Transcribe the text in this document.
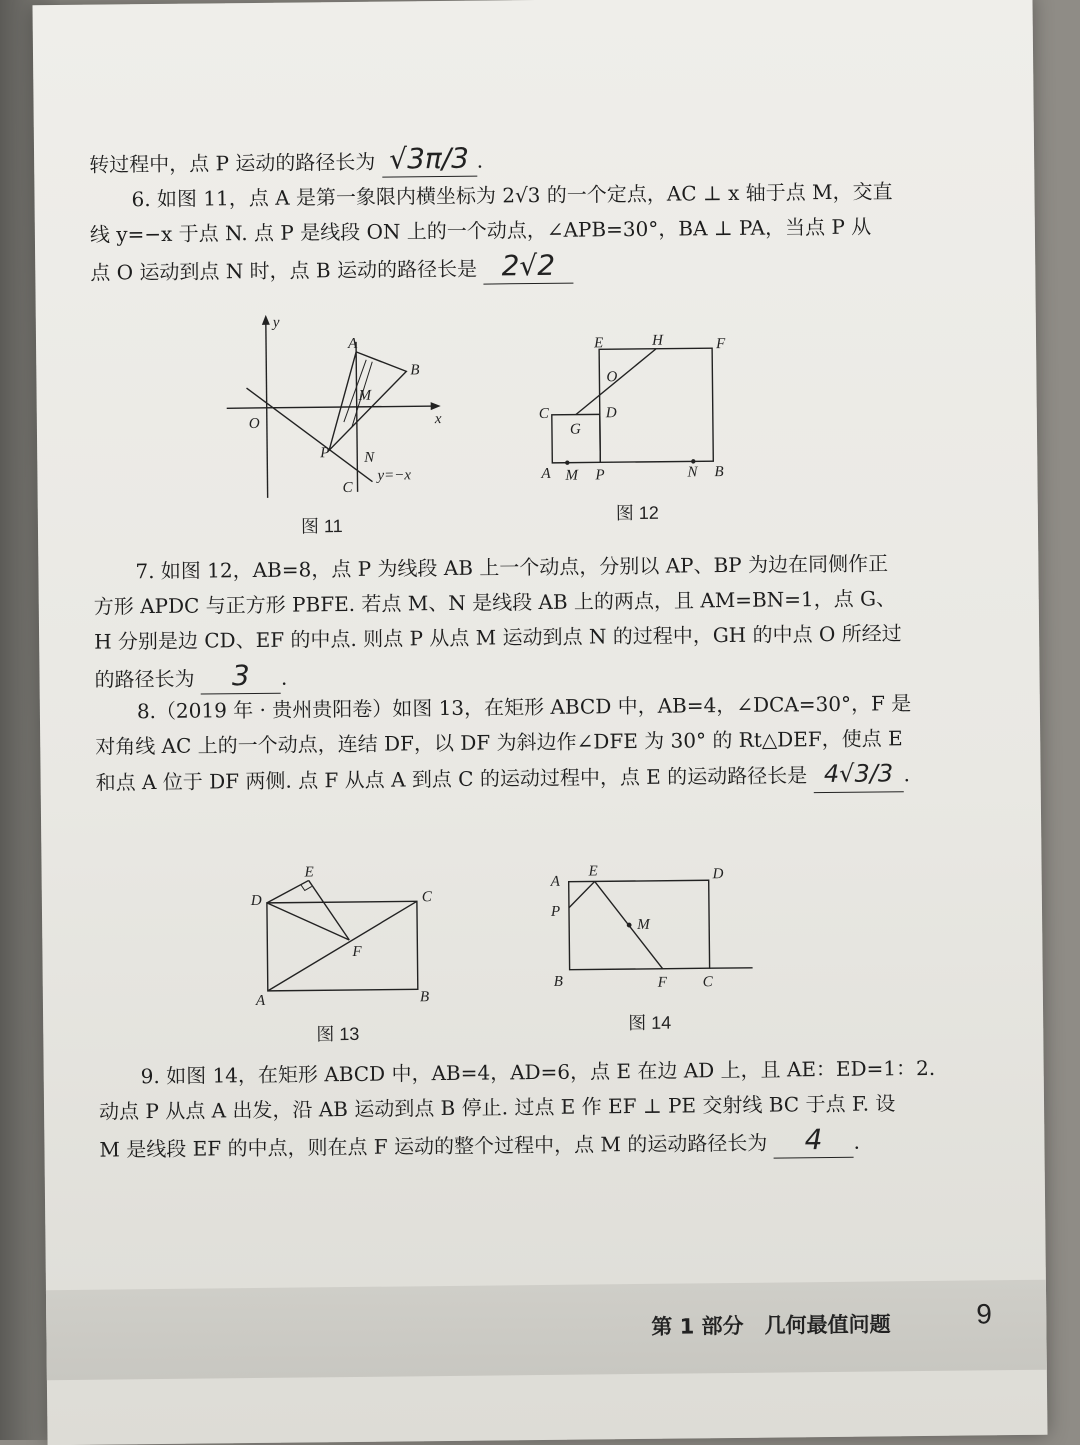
转过程中，点 P 运动的路径长为 √3π/3 .
6. 如图 11，点 A 是第一象限内横坐标为 2√3 的一个定点，AC ⊥ x 轴于点 M，交直
线 y=−x 于点 N. 点 P 是线段 ON 上的一个动点，∠APB=30°，BA ⊥ PA，当点 P 从
点 O 运动到点 N 时，点 B 运动的路径长是 2√2
y
x
O
A
B
M
P N
C
y=−x
图 11
E	H	F
O
C	D
G
A M P	N B
图 12
7. 如图 12，AB=8，点 P 为线段 AB 上一个动点，分别以 AP、BP 为边在同侧作正
方形 APDC 与正方形 PBFE. 若点 M、N 是线段 AB 上的两点，且 AM=BN=1，点 G、
H 分别是边 CD、EF 的中点. 则点 P 从点 M 运动到点 N 的过程中，GH 的中点 O 所经过
的路径长为 3 .
8.（2019 年 · 贵州贵阳卷）如图 13，在矩形 ABCD 中，AB=4，∠DCA=30°，F 是
对角线 AC 上的一个动点，连结 DF，以 DF 为斜边作∠DFE 为 30° 的 Rt△DEF，使点 E
和点 A 位于 DF 两侧. 点 F 从点 A 到点 C 的运动过程中，点 E 的运动路径长是 4√3/3 .
E
D	C
F
A	B
图 13
A
E	D
P
M
B	F C
图 14
9. 如图 14，在矩形 ABCD 中，AB=4，AD=6，点 E 在边 AD 上，且 AE：ED=1：2.
动点 P 从点 A 出发，沿 AB 运动到点 B 停止. 过点 E 作 EF ⊥ PE 交射线 BC 于点 F. 设
M 是线段 EF 的中点，则在点 F 运动的整个过程中，点 M 的运动路径长为 4 .
第 1 部分　几何最值问题	9
